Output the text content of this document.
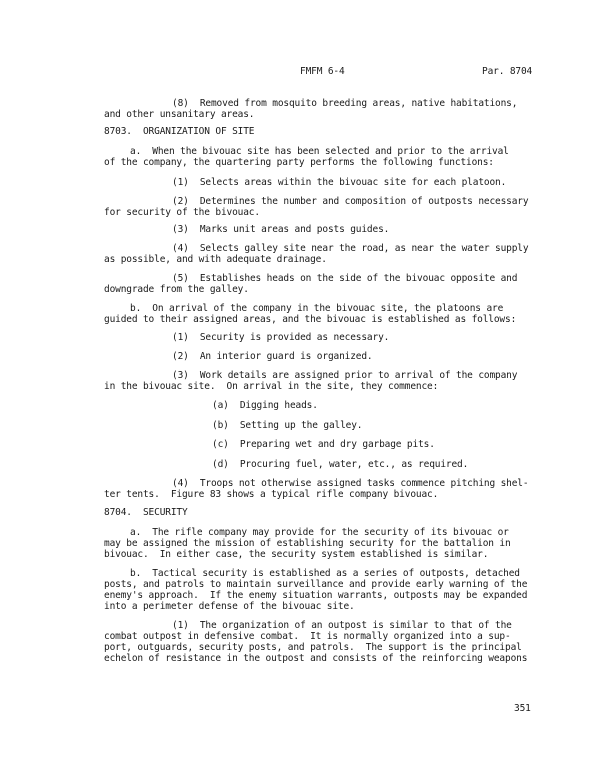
FMFM 6-4	Par. 8704

(8)  Removed from mosquito breeding areas, native habitations,

and other unsanitary areas.

8703.  ORGANIZATION OF SITE

a.  When the bivouac site has been selected and prior to the arrival

of the company, the quartering party performs the following functions:

(1)  Selects areas within the bivouac site for each platoon.

(2)  Determines the number and composition of outposts necessary

for security of the bivouac.

(3)  Marks unit areas and posts guides.

(4)  Selects galley site near the road, as near the water supply

as possible, and with adequate drainage.

(5)  Establishes heads on the side of the bivouac opposite and

downgrade from the galley.

b.  On arrival of the company in the bivouac site, the platoons are

guided to their assigned areas, and the bivouac is established as follows:

(1)  Security is provided as necessary.

(2)  An interior guard is organized.

(3)  Work details are assigned prior to arrival of the company

in the bivouac site.  On arrival in the site, they commence:

(a)  Digging heads.

(b)  Setting up the galley.

(c)  Preparing wet and dry garbage pits.

(d)  Procuring fuel, water, etc., as required.

(4)  Troops not otherwise assigned tasks commence pitching shel-

ter tents.  Figure 83 shows a typical rifle company bivouac.

8704.  SECURITY

a.  The rifle company may provide for the security of its bivouac or

may be assigned the mission of establishing security for the battalion in

bivouac.  In either case, the security system established is similar.

b.  Tactical security is established as a series of outposts, detached

posts, and patrols to maintain surveillance and provide early warning of the

enemy's approach.  If the enemy situation warrants, outposts may be expanded

into a perimeter defense of the bivouac site.

(1)  The organization of an outpost is similar to that of the

combat outpost in defensive combat.  It is normally organized into a sup-

port, outguards, security posts, and patrols.  The support is the principal

echelon of resistance in the outpost and consists of the reinforcing weapons

351
